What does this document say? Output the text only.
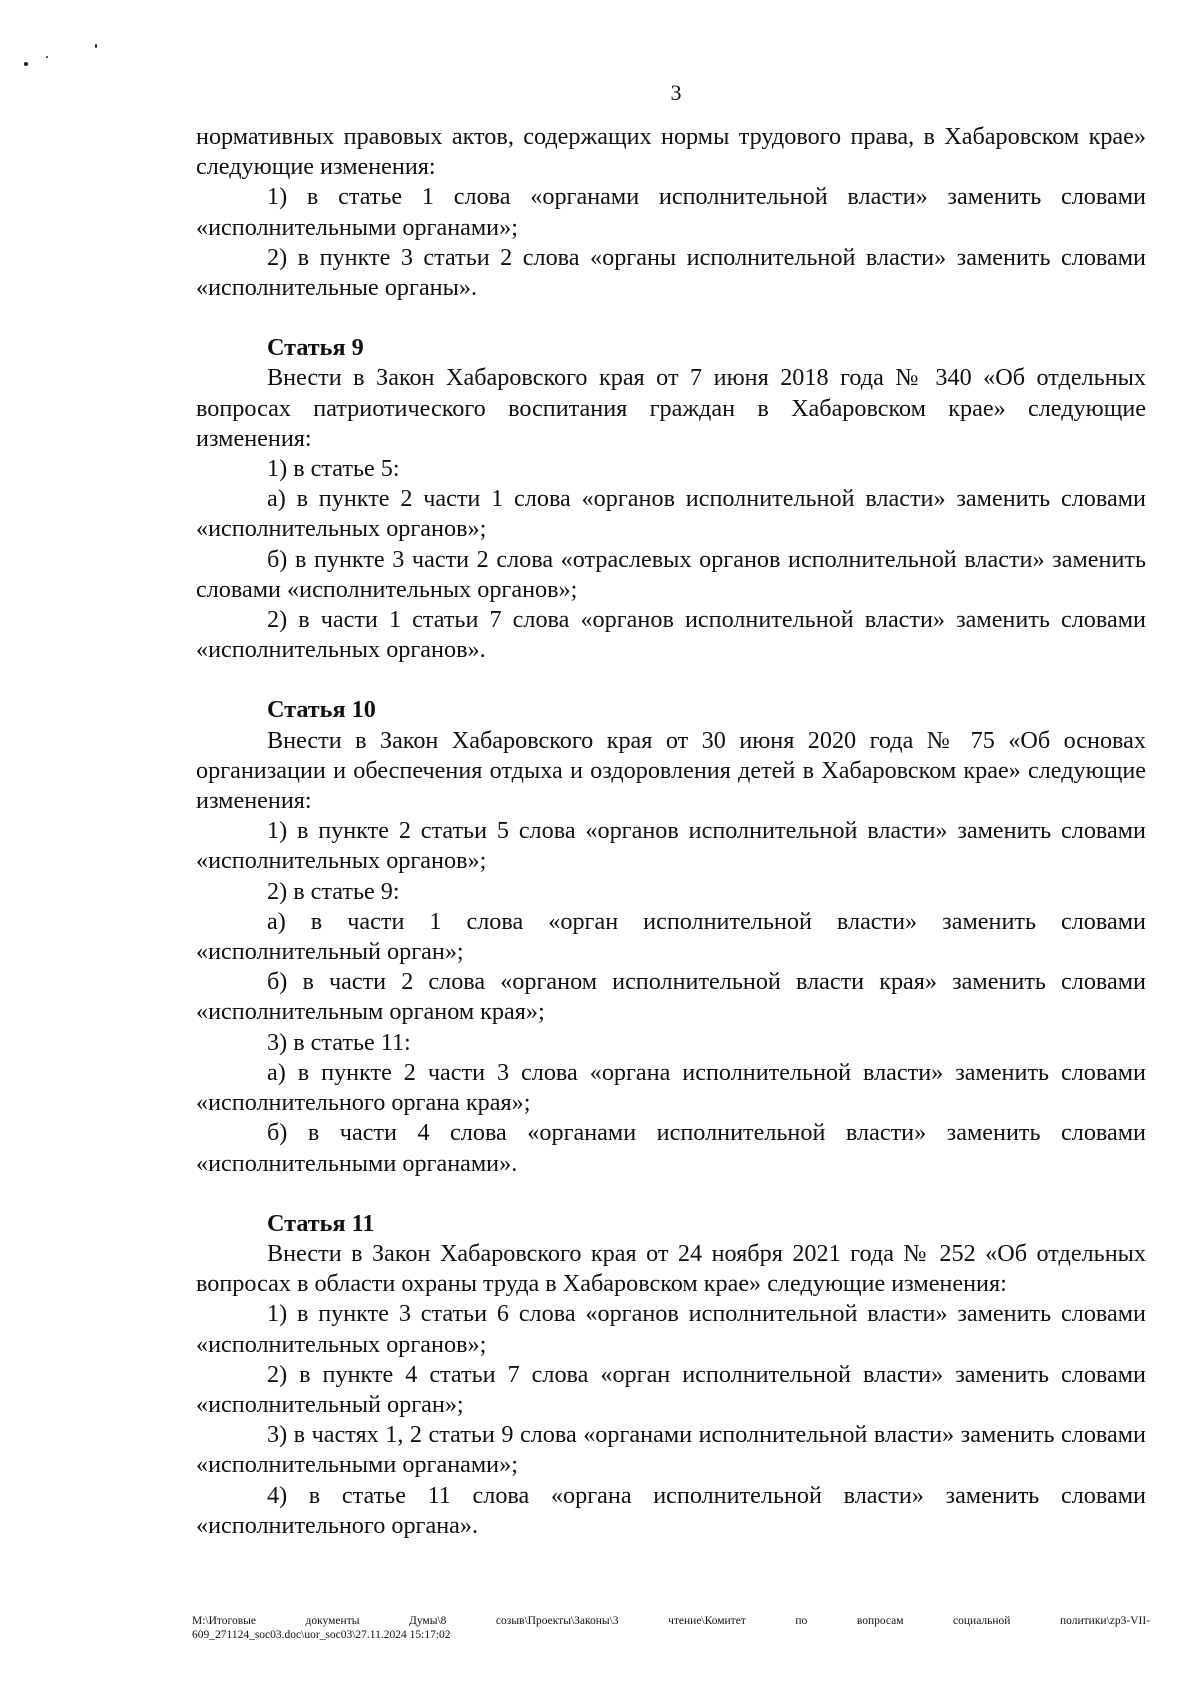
3

нормативных правовых актов, содержащих нормы трудового права, в Хабаровском крае» следующие изменения:

1) в статье 1 слова «органами исполнительной власти» заменить словами «исполнительными органами»;

2) в пункте 3 статьи 2 слова «органы исполнительной власти» заменить словами «исполнительные органы».

Статья 9

Внести в Закон Хабаровского края от 7 июня 2018 года № 340 «Об отдельных вопросах патриотического воспитания граждан в Хабаровском крае» следующие изменения:

1) в статье 5:

а) в пункте 2 части 1 слова «органов исполнительной власти» заменить словами «исполнительных органов»;

б) в пункте 3 части 2 слова «отраслевых органов исполнительной власти» заменить словами «исполнительных органов»;

2) в части 1 статьи 7 слова «органов исполнительной власти» заменить словами «исполнительных органов».

Статья 10

Внести в Закон Хабаровского края от 30 июня 2020 года № 75 «Об основах организации и обеспечения отдыха и оздоровления детей в Хабаровском крае» следующие изменения:

1) в пункте 2 статьи 5 слова «органов исполнительной власти» заменить словами «исполнительных органов»;

2) в статье 9:

а) в части 1 слова «орган исполнительной власти» заменить словами «исполнительный орган»;

б) в части 2 слова «органом исполнительной власти края» заменить словами «исполнительным органом края»;

3) в статье 11:

а) в пункте 2 части 3 слова «органа исполнительной власти» заменить словами «исполнительного органа края»;

б) в части 4 слова «органами исполнительной власти» заменить словами «исполнительными органами».

Статья 11

Внести в Закон Хабаровского края от 24 ноября 2021 года № 252 «Об отдельных вопросах в области охраны труда в Хабаровском крае» следующие изменения:

1) в пункте 3 статьи 6 слова «органов исполнительной власти» заменить словами «исполнительных органов»;

2) в пункте 4 статьи 7 слова «орган исполнительной власти» заменить словами «исполнительный орган»;

3) в частях 1, 2 статьи 9 слова «органами исполнительной власти» заменить словами «исполнительными органами»;

4) в статье 11 слова «органа исполнительной власти» заменить словами «исполнительного органа».

M:\Итоговые документы Думы\8 созыв\Проекты\Законы\3 чтение\Комитет по вопросам социальной политики\zp3-VII-
609_271124_soc03.doc\uor_soc03\27.11.2024 15:17:02
